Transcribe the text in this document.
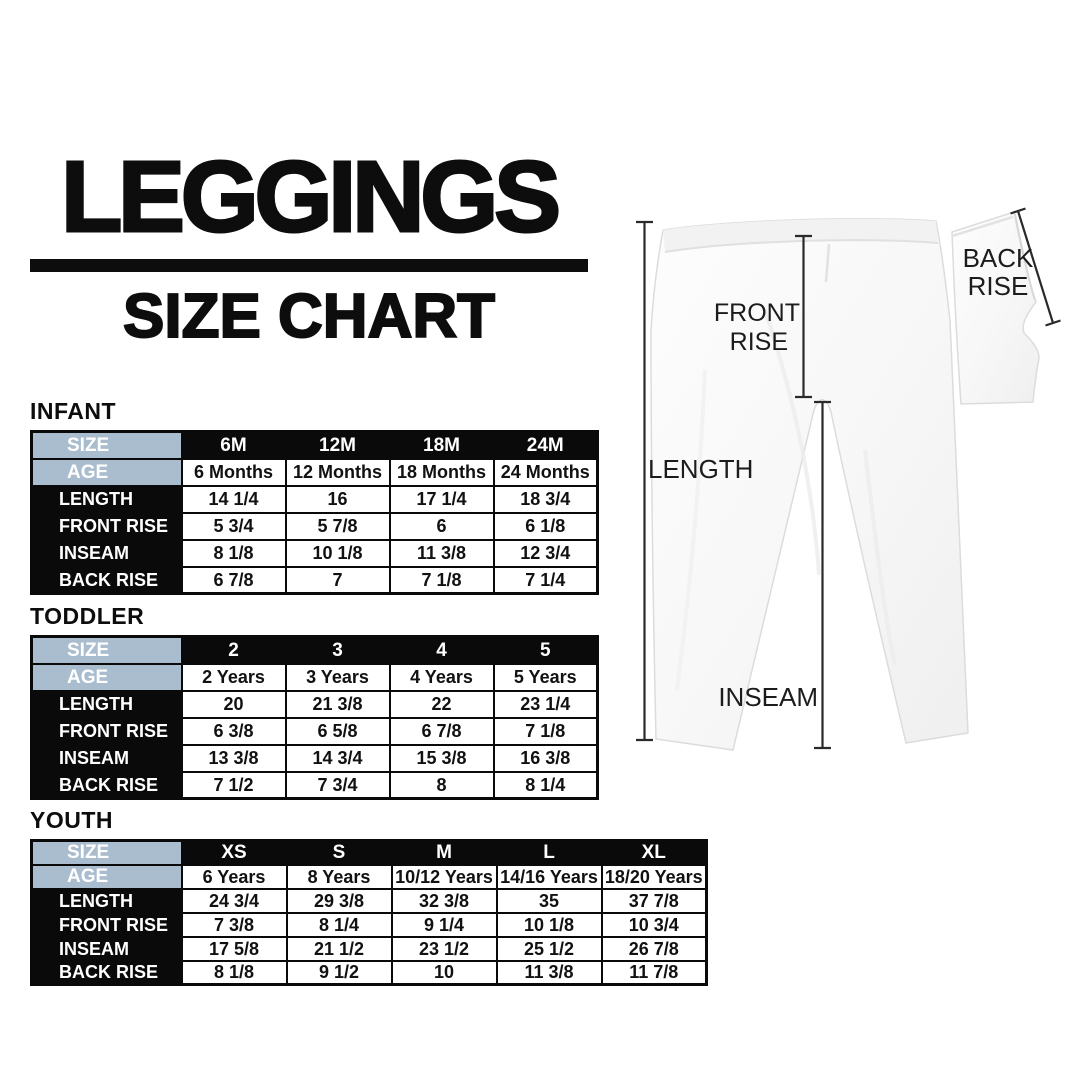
LEGGINGS
SIZE CHART
INFANT
SIZE	6M	12M	18M	24M
AGE	6 Months	12 Months	18 Months	24 Months
LENGTH	14 1/4	16	17 1/4	18 3/4
FRONT RISE	5 3/4	5 7/8	6	6 1/8
INSEAM	8 1/8	10 1/8	11 3/8	12 3/4
BACK RISE	6 7/8	7	7 1/8	7 1/4
TODDLER
SIZE	2	3	4	5
AGE	2 Years	3 Years	4 Years	5 Years
LENGTH	20	21 3/8	22	23 1/4
FRONT RISE	6 3/8	6 5/8	6 7/8	7 1/8
INSEAM	13 3/8	14 3/4	15 3/8	16 3/8
BACK RISE	7 1/2	7 3/4	8	8 1/4
YOUTH
SIZE	XS	S	M	L	XL
AGE	6 Years	8 Years	10/12 Years	14/16 Years	18/20 Years
LENGTH	24 3/4	29 3/8	32 3/8	35	37 7/8
FRONT RISE	7 3/8	8 1/4	9 1/4	10 1/8	10 3/4
INSEAM	17 5/8	21 1/2	23 1/2	25 1/2	26 7/8
BACK RISE	8 1/8	9 1/2	10	11 3/8	11 7/8
LENGTH
FRONT
RISE
INSEAM
BACK
RISE
